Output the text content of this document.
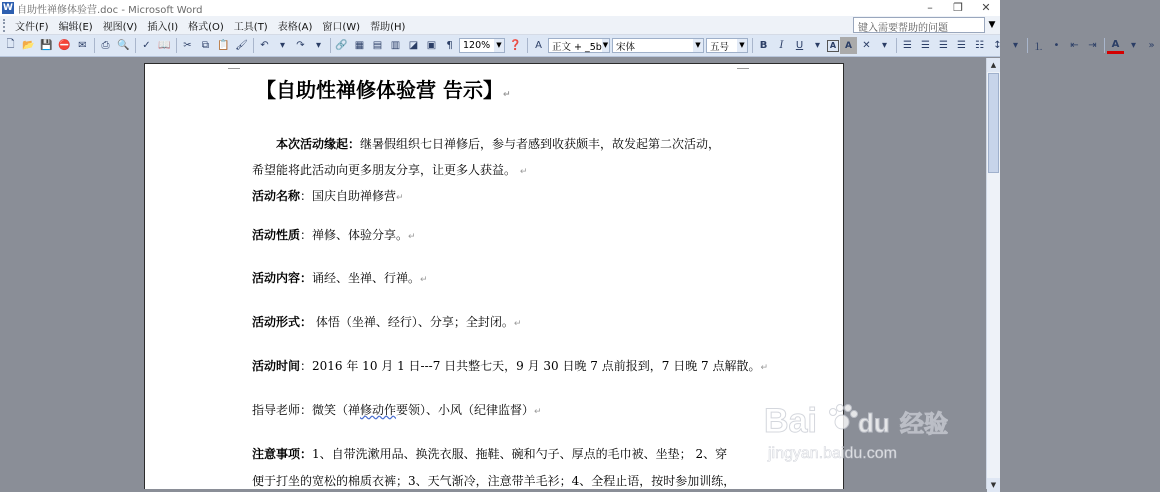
W 自助性禅修体验营.doc - Microsoft Word	–	❐	✕
文件(F)	编辑(E)	视图(V)	插入(I)	格式(O)	工具(T)	表格(A)	窗口(W)	帮助(H)	键入需要帮助的问题	▼
🗋 📂 💾 ⛔ ✉	⎙ 🔍	✓ 📖	✂	⧉ 📋 🖌	↶	▾	↷	▾	🔗 ▦ ▤ ▥ ◪ ▣	¶	120% ▼ ❓	A	正文 + _5b ▼ 宋体	▼ 五号	▼	B	I	U	▾	A A	✕	▾	☰ ☰ ☰ ☰ ☷ ↕	▾	⒈	•	⇤ ⇥	A	▾	»
【自助性禅修体验营 告示】↵
本次活动缘起：继暑假组织七日禅修后，参与者感到收获颇丰，故发起第二次活动，
希望能将此活动向更多朋友分享，让更多人获益。 ↵
活动名称：国庆自助禅修营↵
活动性质：禅修、体验分享。↵
活动内容：诵经、坐禅、行禅。↵
活动形式： 体悟（坐禅、经行）、分享；全封闭。↵
活动时间：2016 年 10 月 1 日---7 日共整七天，9 月 30 日晚 7 点前报到，7 日晚 7 点解散。↵
指导老师：微笑（禅修动作要领）、小风（纪律监督）↵
注意事项：1、自带洗漱用品、换洗衣服、拖鞋、碗和勺子、厚点的毛巾被、坐垫； 2、穿
便于打坐的宽松的棉质衣裤；3、天气渐冷，注意带羊毛衫；4、全程止语，按时参加训练，
▲
▼
Bai du 经验
jingyan.baidu.com
